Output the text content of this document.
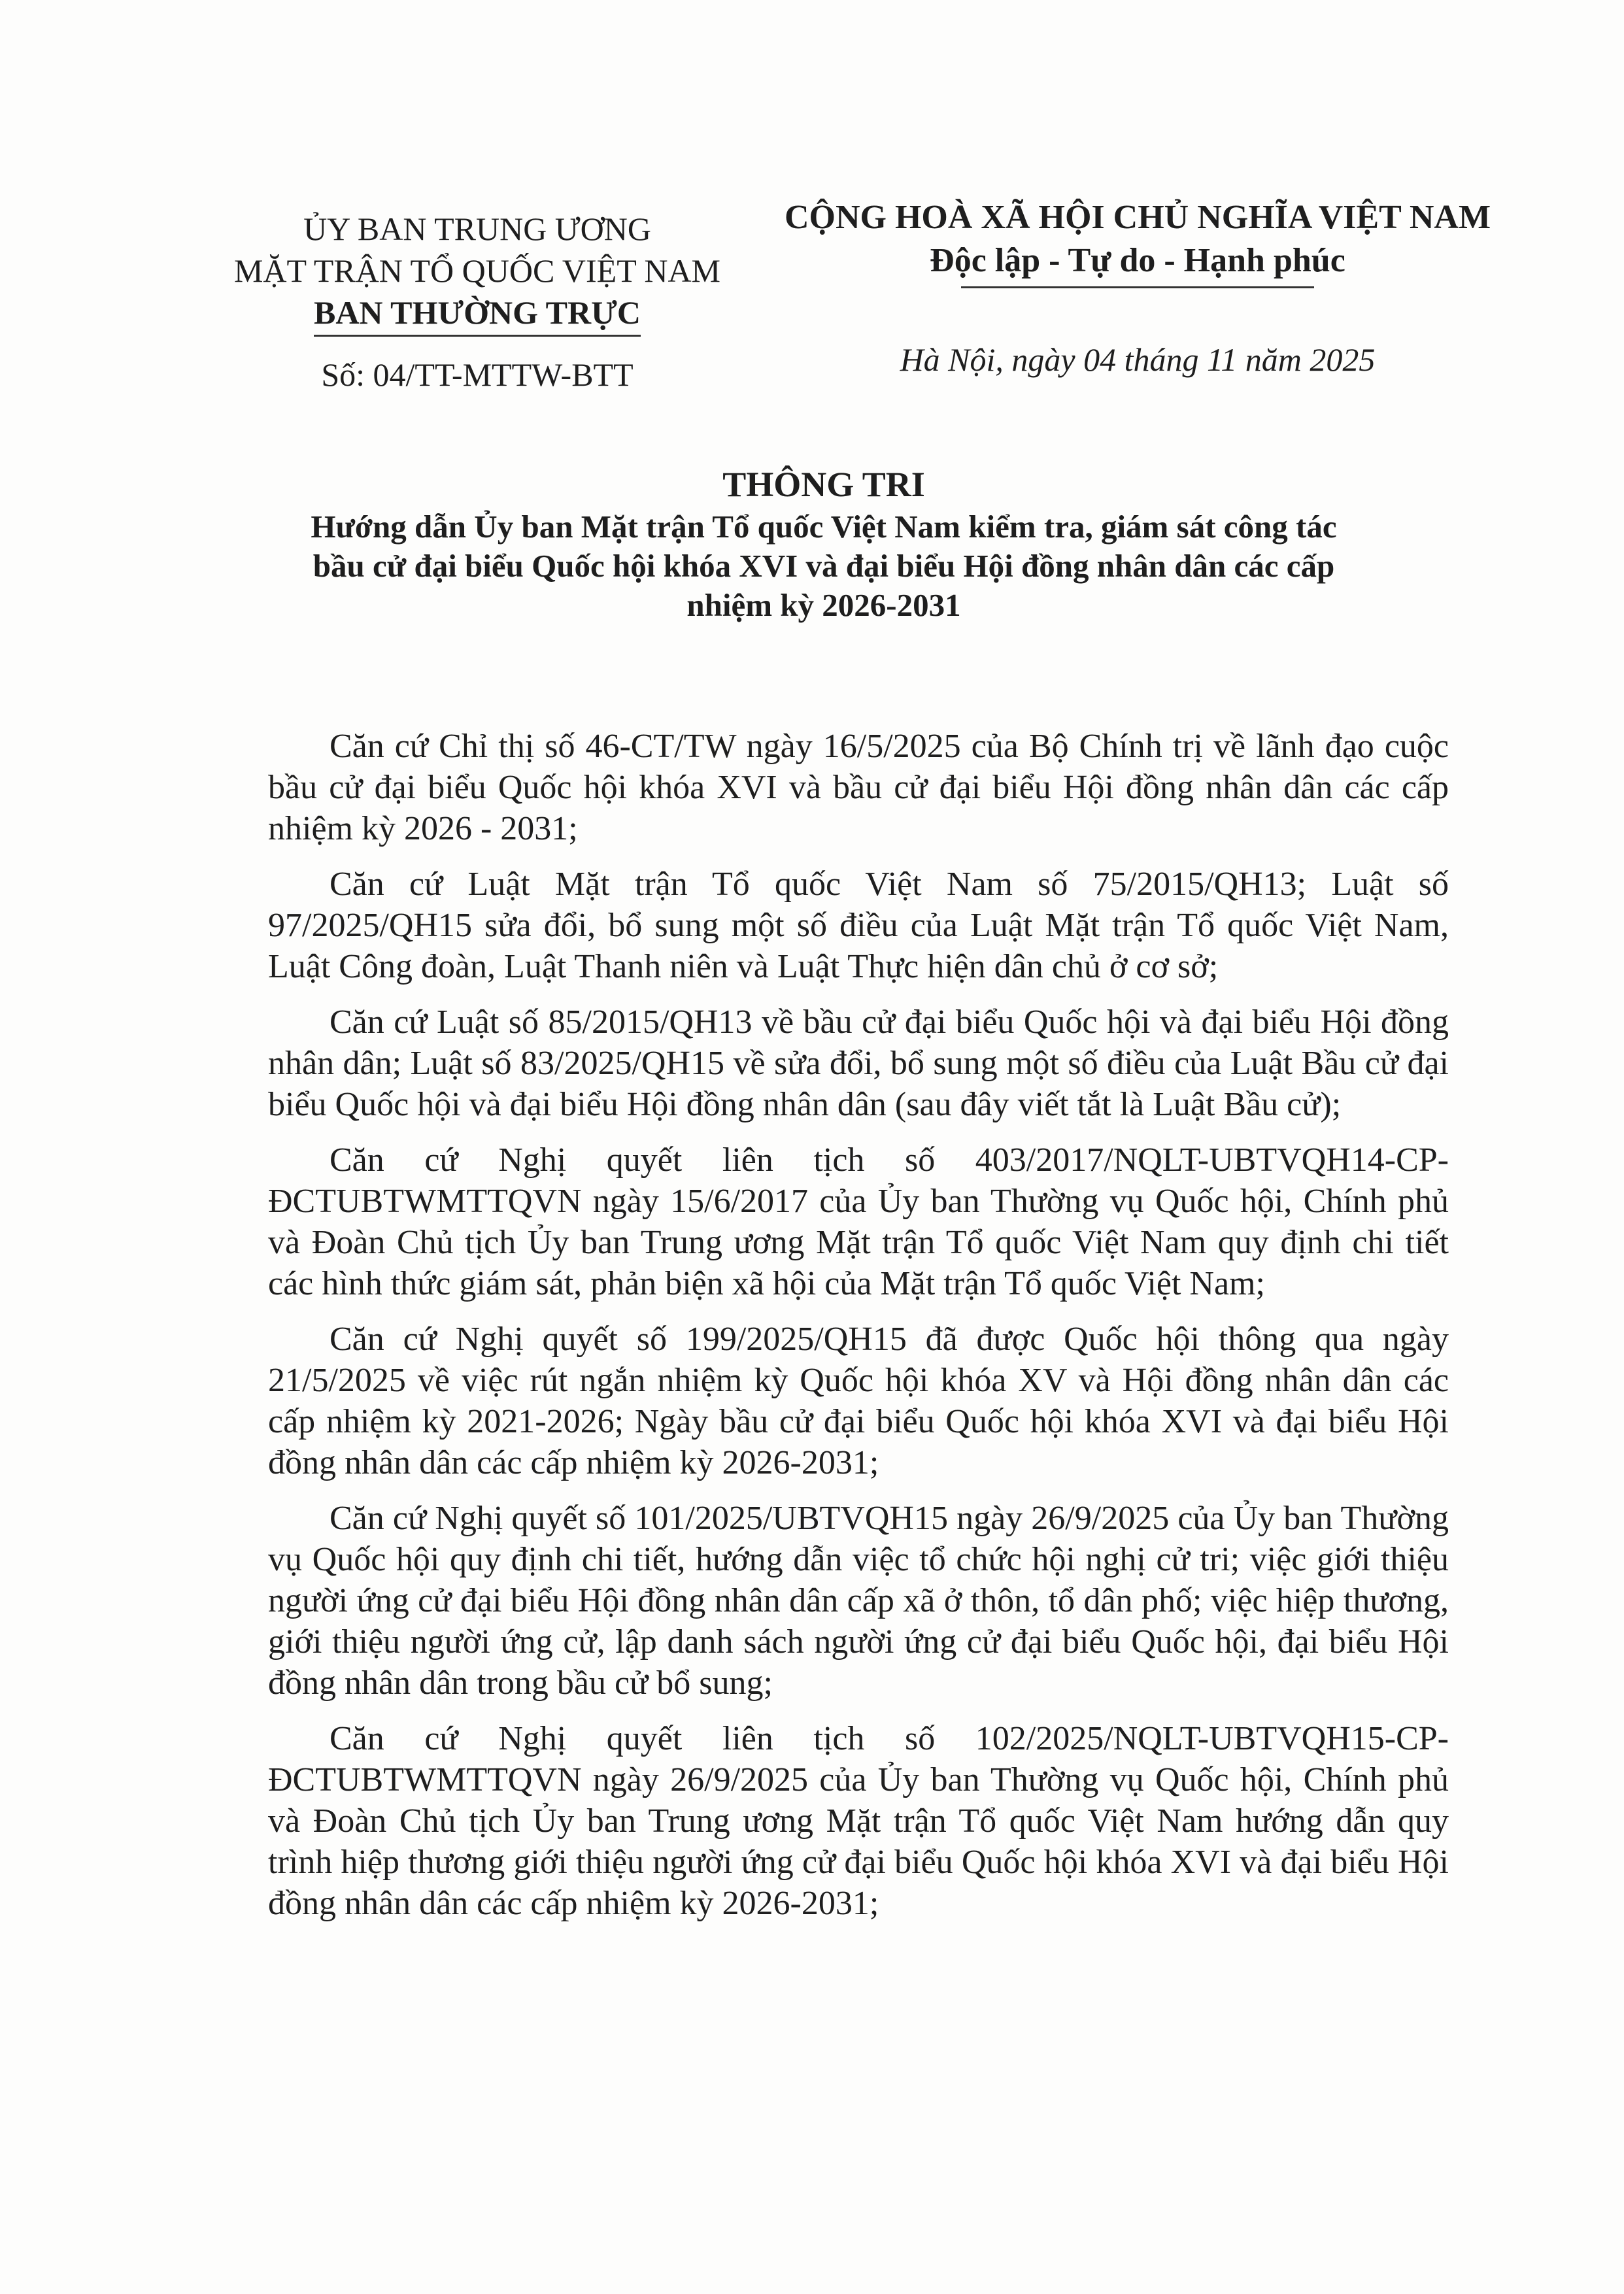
ỦY BAN TRUNG ƯƠNG
MẶT TRẬN TỔ QUỐC VIỆT NAM
BAN THƯỜNG TRỰC
Số: 04/TT-MTTW-BTT
CỘNG HOÀ XÃ HỘI CHỦ NGHĨA VIỆT NAM
Độc lập - Tự do - Hạnh phúc
Hà Nội, ngày 04 tháng 11 năm 2025
THÔNG TRI
Hướng dẫn Ủy ban Mặt trận Tổ quốc Việt Nam kiểm tra, giám sát công tác
bầu cử đại biểu Quốc hội khóa XVI và đại biểu Hội đồng nhân dân các cấp
nhiệm kỳ 2026-2031

Căn cứ Chỉ thị số 46-CT/TW ngày 16/5/2025 của Bộ Chính trị về lãnh đạo cuộc bầu cử đại biểu Quốc hội khóa XVI và bầu cử đại biểu Hội đồng nhân dân các cấp nhiệm kỳ 2026 - 2031;

Căn cứ Luật Mặt trận Tổ quốc Việt Nam số 75/2015/QH13; Luật số 97/2025/QH15 sửa đổi, bổ sung một số điều của Luật Mặt trận Tổ quốc Việt Nam, Luật Công đoàn, Luật Thanh niên và Luật Thực hiện dân chủ ở cơ sở;

Căn cứ Luật số 85/2015/QH13 về bầu cử đại biểu Quốc hội và đại biểu Hội đồng nhân dân; Luật số 83/2025/QH15 về sửa đổi, bổ sung một số điều của Luật Bầu cử đại biểu Quốc hội và đại biểu Hội đồng nhân dân (sau đây viết tắt là Luật Bầu cử);

Căn cứ Nghị quyết liên tịch số 403/2017/NQLT-UBTVQH14-CP-ĐCTUBTWMTTQVN ngày 15/6/2017 của Ủy ban Thường vụ Quốc hội, Chính phủ và Đoàn Chủ tịch Ủy ban Trung ương Mặt trận Tổ quốc Việt Nam quy định chi tiết các hình thức giám sát, phản biện xã hội của Mặt trận Tổ quốc Việt Nam;

Căn cứ Nghị quyết số 199/2025/QH15 đã được Quốc hội thông qua ngày 21/5/2025 về việc rút ngắn nhiệm kỳ Quốc hội khóa XV và Hội đồng nhân dân các cấp nhiệm kỳ 2021-2026; Ngày bầu cử đại biểu Quốc hội khóa XVI và đại biểu Hội đồng nhân dân các cấp nhiệm kỳ 2026-2031;

Căn cứ Nghị quyết số 101/2025/UBTVQH15 ngày 26/9/2025 của Ủy ban Thường vụ Quốc hội quy định chi tiết, hướng dẫn việc tổ chức hội nghị cử tri; việc giới thiệu người ứng cử đại biểu Hội đồng nhân dân cấp xã ở thôn, tổ dân phố; việc hiệp thương, giới thiệu người ứng cử, lập danh sách người ứng cử đại biểu Quốc hội, đại biểu Hội đồng nhân dân trong bầu cử bổ sung;

Căn cứ Nghị quyết liên tịch số 102/2025/NQLT-UBTVQH15-CP-ĐCTUBTWMTTQVN ngày 26/9/2025 của Ủy ban Thường vụ Quốc hội, Chính phủ và Đoàn Chủ tịch Ủy ban Trung ương Mặt trận Tổ quốc Việt Nam hướng dẫn quy trình hiệp thương giới thiệu người ứng cử đại biểu Quốc hội khóa XVI và đại biểu Hội đồng nhân dân các cấp nhiệm kỳ 2026-2031;
